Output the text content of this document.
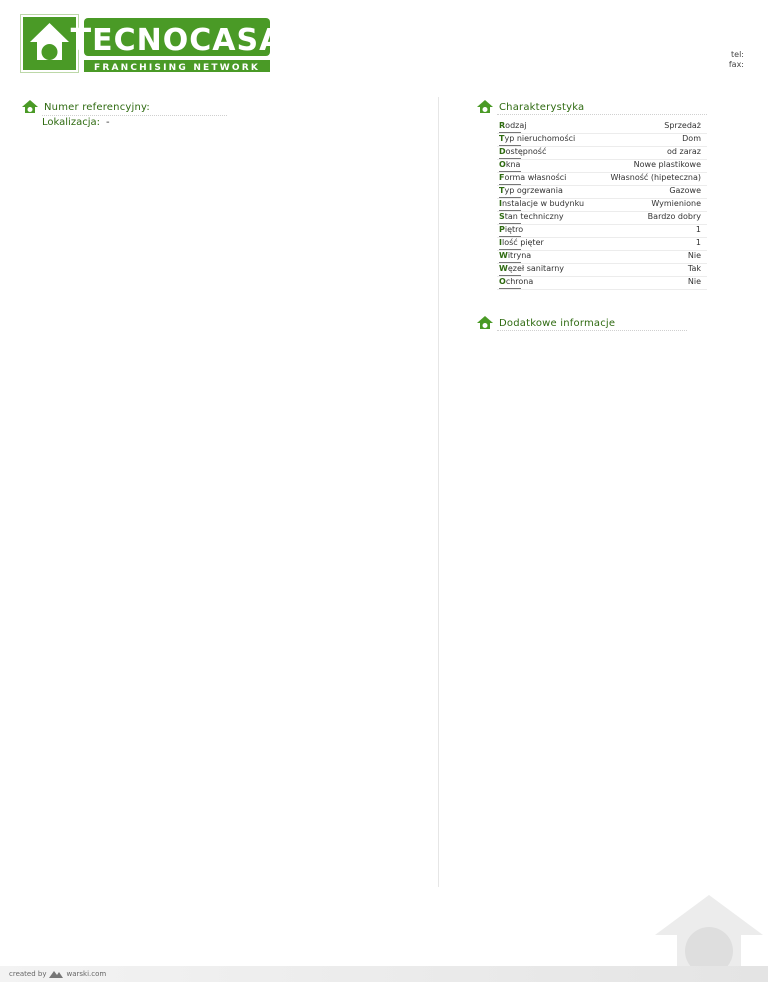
TECNOCASA
FRANCHISING NETWORK
tel:
fax:
Numer referencyjny:
Lokalizacja: -
Charakterystyka
Rodzaj	Sprzedaż
Typ nieruchomości	Dom
Dostępność	od zaraz
Okna	Nowe plastikowe
Forma własności	Własność (hipeteczna)
Typ ogrzewania	Gazowe
Instalacje w budynku	Wymienione
Stan techniczny	Bardzo dobry
Piętro	1
Ilość pięter	1
Witryna	Nie
Węzeł sanitarny	Tak
Ochrona	Nie
Dodatkowe informacje
created by	warski.com
